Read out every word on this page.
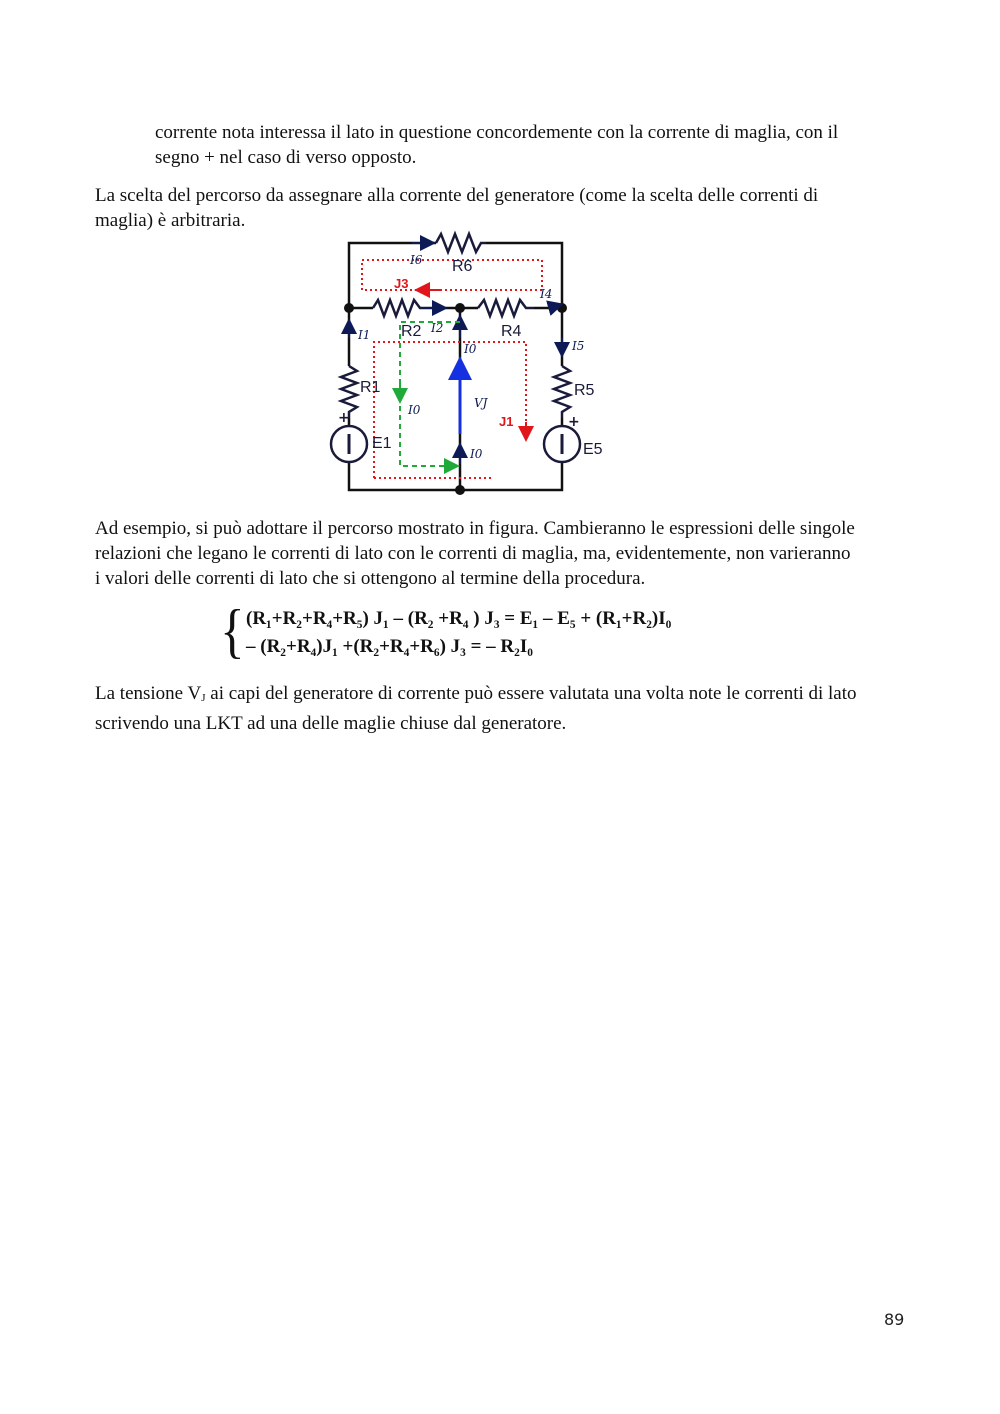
corrente nota interessa il lato in questione concordemente con la corrente di maglia, con il
segno + nel caso di verso opposto.

La scelta del percorso da assegnare alla corrente del generatore (come la scelta delle correnti di
maglia) è arbitraria.

R6
R2	R4
R1	R5
E1	E5
+	+
I6
I4
I1	I2
I0	I5
VJ
I0
I0
J3
J1

Ad esempio, si può adottare il percorso mostrato in figura. Cambieranno le espressioni delle singole
relazioni che legano le correnti di lato con le correnti di maglia, ma, evidentemente, non varieranno
i valori delle correnti di lato che si ottengono al termine della procedura.

{ (R₁+R₂+R₄+R₅) J₁ – (R₂ +R₄ ) J₃ = E₁ – E₅ + (R₁+R₂)I₀
– (R₂+R₄)J₁ +(R₂+R₄+R₆) J₃ = – R₂I₀

La tensione VJ ai capi del generatore di corrente può essere valutata una volta note le correnti di lato
scrivendo una LKT ad una delle maglie chiuse dal generatore.

89
